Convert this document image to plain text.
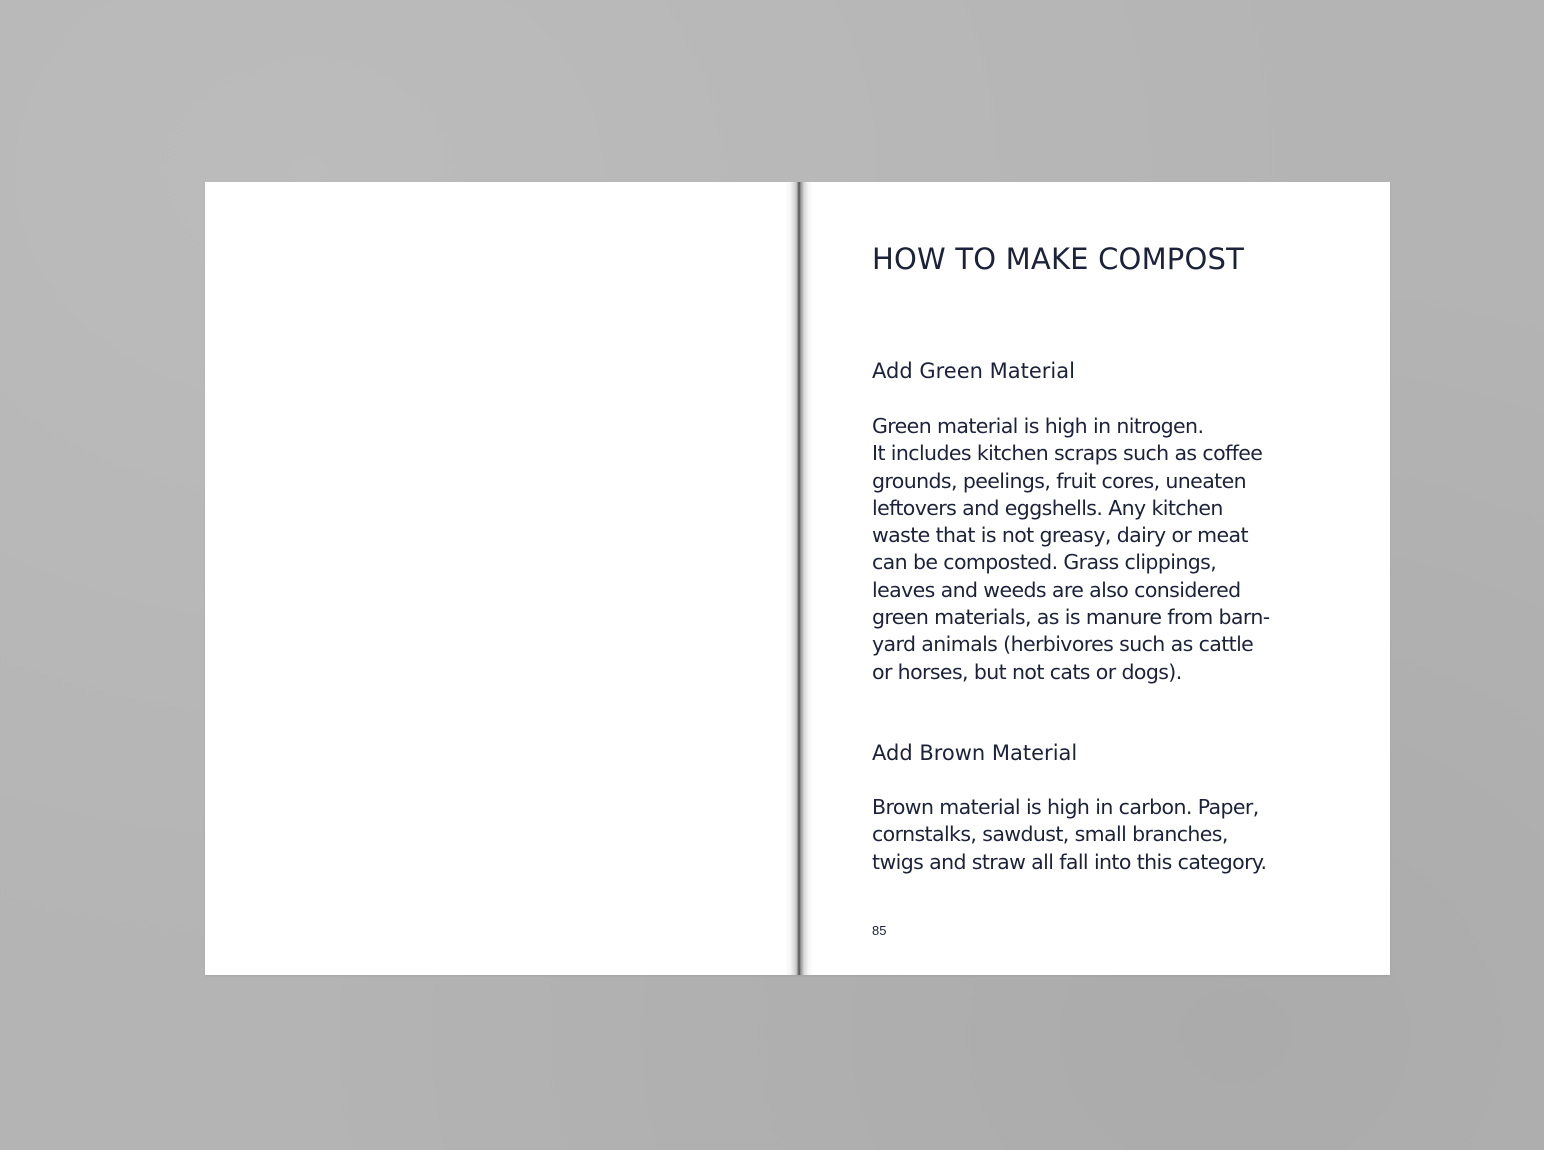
HOW TO MAKE COMPOST
Add Green Material

Green material is high in nitrogen.
It includes kitchen scraps such as coffee
grounds, peelings, fruit cores, uneaten
leftovers and eggshells. Any kitchen
waste that is not greasy, dairy or meat
can be composted. Grass clippings,
leaves and weeds are also considered
green materials, as is manure from barn-
yard animals (herbivores such as cattle
or horses, but not cats or dogs).

Add Brown Material

Brown material is high in carbon. Paper,
cornstalks, sawdust, small branches,
twigs and straw all fall into this category.

85
